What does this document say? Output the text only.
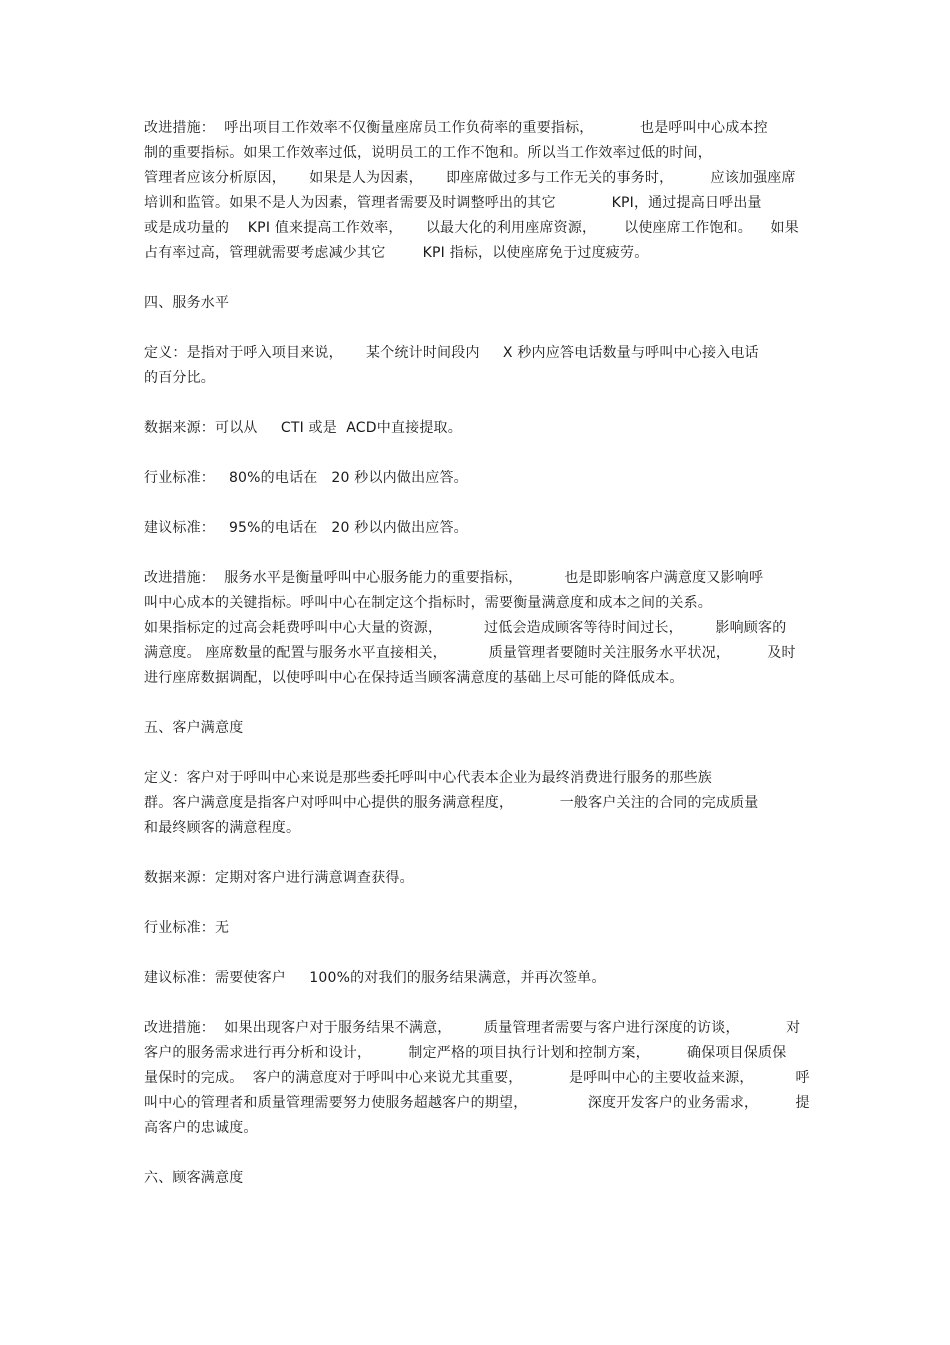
改进措施：  呼出项目工作效率不仅衡量座席员工作负荷率的重要指标，          也是呼叫中心成本控
制的重要指标。如果工作效率过低，说明员工的工作不饱和。所以当工作效率过低的时间，
管理者应该分析原因，     如果是人为因素，     即座席做过多与工作无关的事务时，        应该加强座席
培训和监管。如果不是人为因素，管理者需要及时调整呼出的其它            KPI，通过提高日呼出量
或是成功量的    KPI 值来提高工作效率，     以最大化的利用座席资源，      以使座席工作饱和。    如果
占有率过高，管理就需要考虑减少其它        KPI 指标，以使座席免于过度疲劳。
四、服务水平
定义：是指对于呼入项目来说，     某个统计时间段内     X 秒内应答电话数量与呼叫中心接入电话
的百分比。
数据来源：可以从     CTI 或是  ACD中直接提取。
行业标准：   80%的电话在   20 秒以内做出应答。
建议标准：   95%的电话在   20 秒以内做出应答。
改进措施：  服务水平是衡量呼叫中心服务能力的重要指标，         也是即影响客户满意度又影响呼
叫中心成本的关键指标。呼叫中心在制定这个指标时，需要衡量满意度和成本之间的关系。
如果指标定的过高会耗费呼叫中心大量的资源，         过低会造成顾客等待时间过长，       影响顾客的
满意度。 座席数量的配置与服务水平直接相关，         质量管理者要随时关注服务水平状况，        及时
进行座席数据调配，以使呼叫中心在保持适当顾客满意度的基础上尽可能的降低成本。
五、客户满意度
定义：客户对于呼叫中心来说是那些委托呼叫中心代表本企业为最终消费进行服务的那些族
群。客户满意度是指客户对呼叫中心提供的服务满意程度，          一般客户关注的合同的完成质量
和最终顾客的满意程度。
数据来源：定期对客户进行满意调查获得。
行业标准：无
建议标准：需要使客户     100%的对我们的服务结果满意，并再次签单。
改进措施：  如果出现客户对于服务结果不满意，       质量管理者需要与客户进行深度的访谈，          对
客户的服务需求进行再分析和设计，        制定严格的项目执行计划和控制方案，        确保项目保质保
量保时的完成。  客户的满意度对于呼叫中心来说尤其重要，          是呼叫中心的主要收益来源，         呼
叫中心的管理者和质量管理需要努力使服务超越客户的期望，             深度开发客户的业务需求，        提
高客户的忠诚度。
六、顾客满意度
